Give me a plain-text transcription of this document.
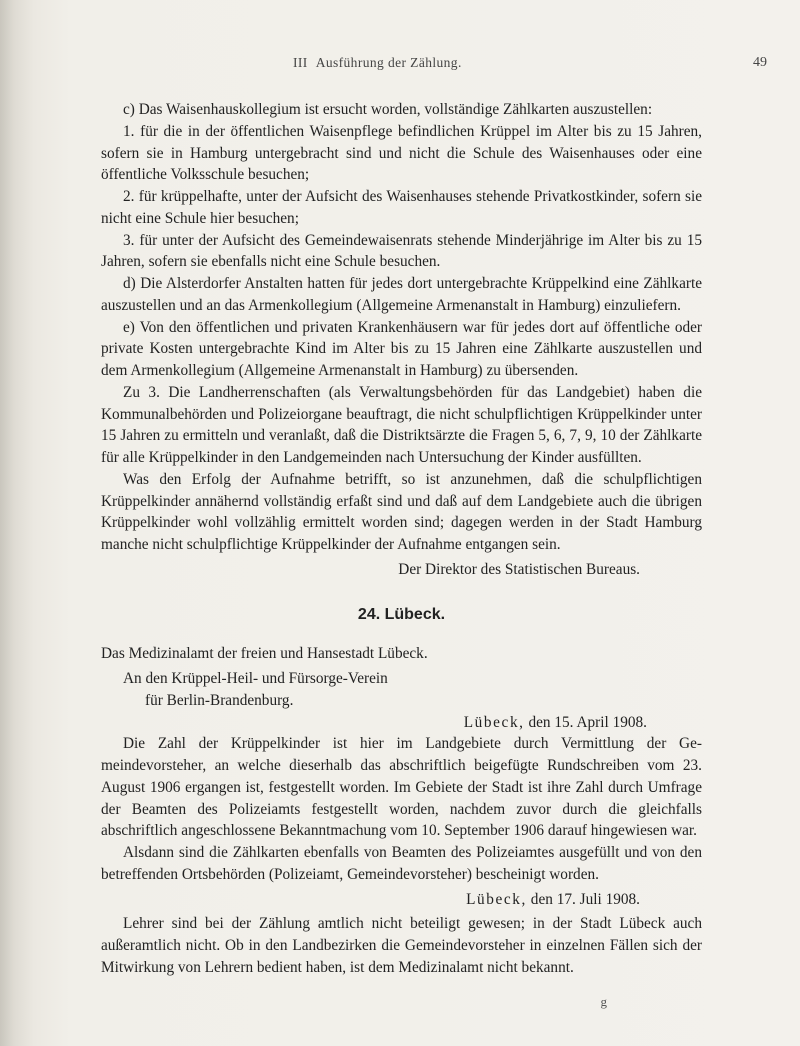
III Ausführung der Zählung.	49

c) Das Waisenhauskollegium ist ersucht worden, vollständige Zählkarten auszustellen:

1. für die in der öffentlichen Waisenpflege befindlichen Krüppel im Alter bis zu 15 Jahren, sofern sie in Hamburg untergebracht sind und nicht die Schule des Waisenhauses oder eine öffentliche Volksschule besuchen;

2. für krüppelhafte, unter der Aufsicht des Waisenhauses stehende Privatkostkinder, sofern sie nicht eine Schule hier besuchen;

3. für unter der Aufsicht des Gemeindewaisenrats stehende Minderjährige im Alter bis zu 15 Jahren, sofern sie ebenfalls nicht eine Schule besuchen.

d) Die Alsterdorfer Anstalten hatten für jedes dort untergebrachte Krüppelkind eine Zählkarte auszustellen und an das Armenkollegium (Allgemeine Armenanstalt in Hamburg) einzuliefern.

e) Von den öffentlichen und privaten Krankenhäusern war für jedes dort auf öffentliche oder private Kosten untergebrachte Kind im Alter bis zu 15 Jahren eine Zählkarte auszustellen und dem Armenkollegium (Allgemeine Armenanstalt in Hamburg) zu übersenden.

Zu 3. Die Landherrenschaften (als Verwaltungsbehörden für das Landgebiet) haben die Kommunalbehörden und Polizeiorgane beauftragt, die nicht schulpflichtigen Krüppelkinder unter 15 Jahren zu ermitteln und veranlaßt, daß die Distriktsärzte die Fragen 5, 6, 7, 9, 10 der Zählkarte für alle Krüppelkinder in den Landgemeinden nach Untersuchung der Kinder ausfüllten.

Was den Erfolg der Aufnahme betrifft, so ist anzunehmen, daß die schulpflichtigen Krüppelkinder annähernd vollständig erfaßt sind und daß auf dem Landgebiete auch die übrigen Krüppelkinder wohl vollzählig ermittelt worden sind; dagegen werden in der Stadt Hamburg manche nicht schulpflichtige Krüppelkinder der Aufnahme entgangen sein.

Der Direktor des Statistischen Bureaus.

24. Lübeck.

Das Medizinalamt der freien und Hansestadt Lübeck.

An den Krüppel-Heil- und Fürsorge-Verein

für Berlin-Brandenburg.

Lübeck, den 15. April 1908.

Die Zahl der Krüppelkinder ist hier im Landgebiete durch Vermittlung der Gemeindevorsteher, an welche dieserhalb das abschriftlich beigefügte Rundschreiben vom 23. August 1906 ergangen ist, festgestellt worden. Im Gebiete der Stadt ist ihre Zahl durch Umfrage der Beamten des Polizeiamts festgestellt worden, nachdem zuvor durch die gleichfalls abschriftlich angeschlossene Bekanntmachung vom 10. September 1906 darauf hingewiesen war.

Alsdann sind die Zählkarten ebenfalls von Beamten des Polizeiamtes ausgefüllt und von den betreffenden Ortsbehörden (Polizeiamt, Gemeindevorsteher) bescheinigt worden.

Lübeck, den 17. Juli 1908.

Lehrer sind bei der Zählung amtlich nicht beteiligt gewesen; in der Stadt Lübeck auch außeramtlich nicht. Ob in den Landbezirken die Gemeindevorsteher in einzelnen Fällen sich der Mitwirkung von Lehrern bedient haben, ist dem Medizinalamt nicht bekannt.

g
